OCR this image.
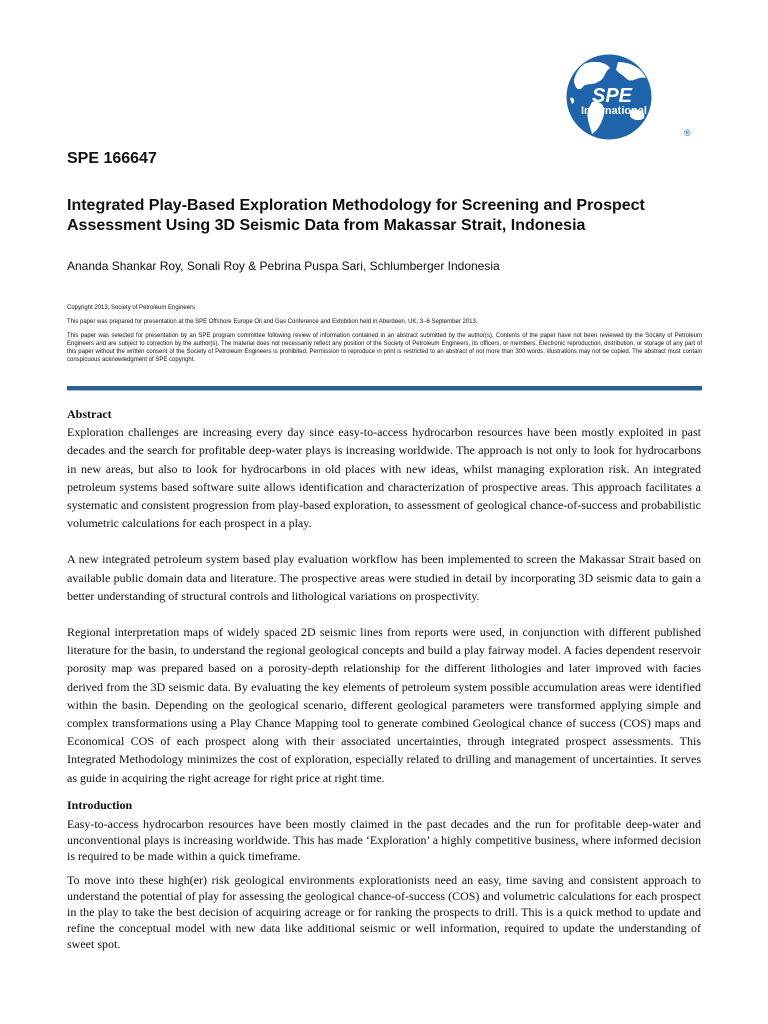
SPE
International
®
SPE 166647
Integrated Play-Based Exploration Methodology for Screening and Prospect Assessment Using 3D Seismic Data from Makassar Strait, Indonesia
Ananda Shankar Roy, Sonali Roy & Pebrina Puspa Sari, Schlumberger Indonesia

Copyright 2013, Society of Petroleum Engineers

This paper was prepared for presentation at the SPE Offshore Europe Oil and Gas Conference and Exhibition held in Aberdeen, UK, 3–6 September 2013.

This paper was selected for presentation by an SPE program committee following review of information contained in an abstract submitted by the author(s). Contents of the paper have not been reviewed by the Society of Petroleum Engineers and are subject to correction by the author(s). The material does not necessarily reflect any position of the Society of Petroleum Engineers, its officers, or members. Electronic reproduction, distribution, or storage of any part of this paper without the written consent of the Society of Petroleum Engineers is prohibited. Permission to reproduce in print is restricted to an abstract of not more than 300 words; illustrations may not be copied. The abstract must contain conspicuous acknowledgment of SPE copyright.

Abstract

Exploration challenges are increasing every day since easy-to-access hydrocarbon resources have been mostly exploited in past decades and the search for profitable deep-water plays is increasing worldwide. The approach is not only to look for hydrocarbons in new areas, but also to look for hydrocarbons in old places with new ideas, whilst managing exploration risk. An integrated petroleum systems based software suite allows identification and characterization of prospective areas. This approach facilitates a systematic and consistent progression from play-based exploration, to assessment of geological chance-of-success and probabilistic volumetric calculations for each prospect in a play.

A new integrated petroleum system based play evaluation workflow has been implemented to screen the Makassar Strait based on available public domain data and literature. The prospective areas were studied in detail by incorporating 3D seismic data to gain a better understanding of structural controls and lithological variations on prospectivity.

Regional interpretation maps of widely spaced 2D seismic lines from reports were used, in conjunction with different published literature for the basin, to understand the regional geological concepts and build a play fairway model. A facies dependent reservoir porosity map was prepared based on a porosity-depth relationship for the different lithologies and later improved with facies derived from the 3D seismic data. By evaluating the key elements of petroleum system possible accumulation areas were identified within the basin. Depending on the geological scenario, different geological parameters were transformed applying simple and complex transformations using a Play Chance Mapping tool to generate combined Geological chance of success (COS) maps and Economical COS of each prospect along with their associated uncertainties, through integrated prospect assessments. This Integrated Methodology minimizes the cost of exploration, especially related to drilling and management of uncertainties. It serves as guide in acquiring the right acreage for right price at right time.

Introduction

Easy-to-access hydrocarbon resources have been mostly claimed in the past decades and the run for profitable deep-water and unconventional plays is increasing worldwide. This has made ‘Exploration’ a highly competitive business, where informed decision is required to be made within a quick timeframe.

To move into these high(er) risk geological environments explorationists need an easy, time saving and consistent approach to understand the potential of play for assessing the geological chance-of-success (COS) and volumetric calculations for each prospect in the play to take the best decision of acquiring acreage or for ranking the prospects to drill. This is a quick method to update and refine the conceptual model with new data like additional seismic or well information, required to update the understanding of sweet spot.
